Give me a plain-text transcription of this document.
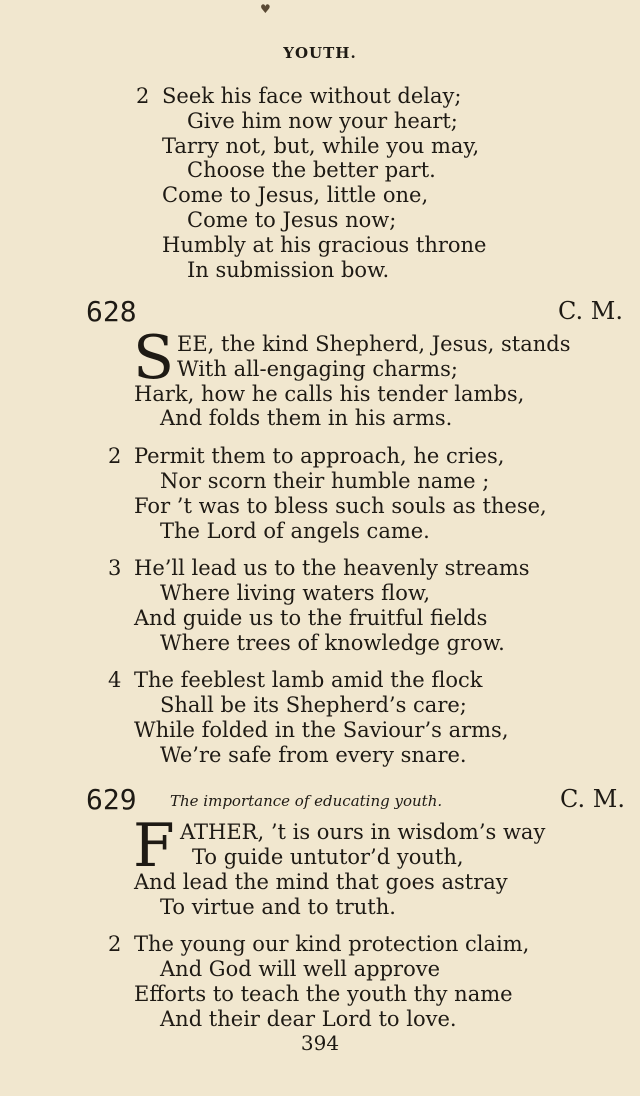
♥
YOUTH.
2 Seek his face without delay;
Give him now your heart;
Tarry not, but, while you may,
Choose the better part.
Come to Jesus, little one,
Come to Jesus now;
Humbly at his gracious throne
In submission bow.
628	C. M.
S EE, the kind Shepherd, Jesus, stands
With all-engaging charms;
Hark, how he calls his tender lambs,
And folds them in his arms.
2 Permit them to approach, he cries,
Nor scorn their humble name ;
For ’t was to bless such souls as these,
The Lord of angels came.
3 He’ll lead us to the heavenly streams
Where living waters flow,
And guide us to the fruitful fields
Where trees of knowledge grow.
4 The feeblest lamb amid the flock
Shall be its Shepherd’s care;
While folded in the Saviour’s arms,
We’re safe from every snare.
629 The importance of educating youth.	C. M.
F ATHER, ’t is ours in wisdom’s way
To guide untutor’d youth,
And lead the mind that goes astray
To virtue and to truth.
2 The young our kind protection claim,
And God will well approve
Efforts to teach the youth thy name
And their dear Lord to love.
394
